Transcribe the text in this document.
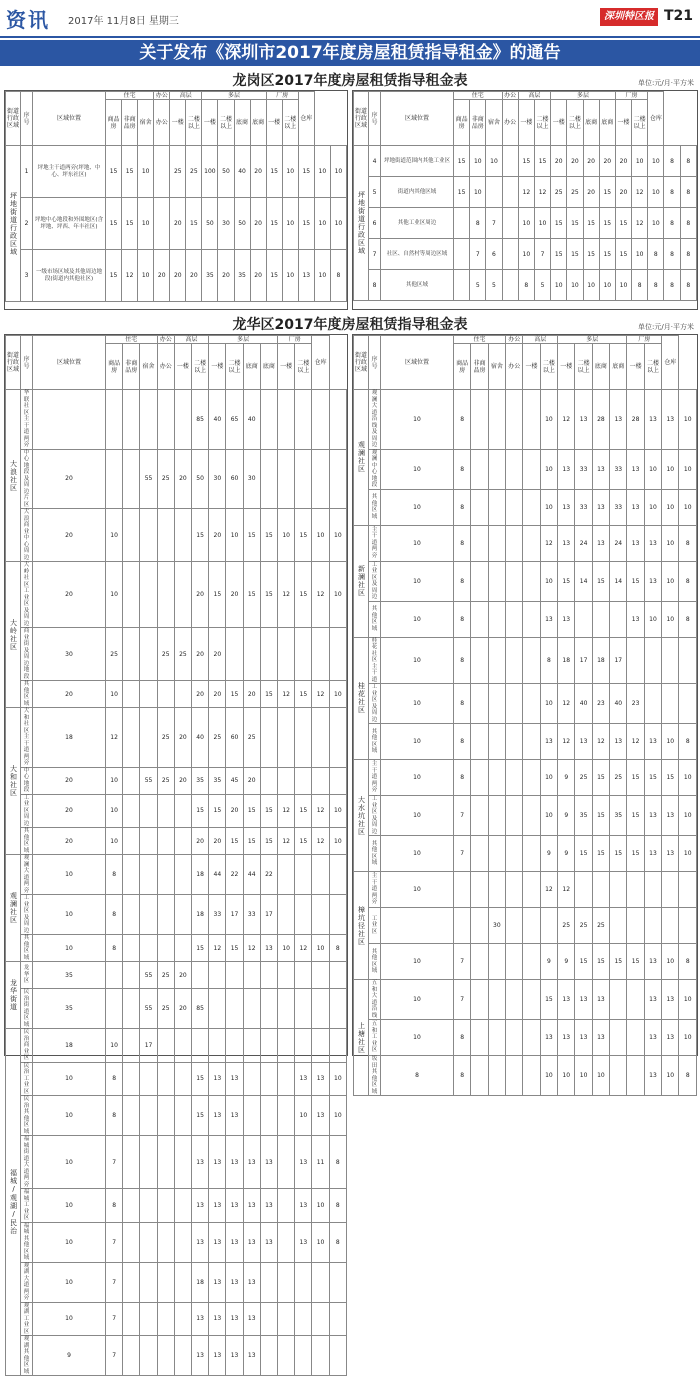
资讯 2017年 11月8日 星期三	深圳特区报 T21
关于发布《深圳市2017年度房屋租赁指导租金》的通告
龙岗区2017年度房屋租赁指导租金表	单位:元/月·平方米
街道行政区域	序号	区域位置	住宅			办公	高层		多层				厂房		仓库		
			商品房	非商品房	宿舍	办公	一楼	二楼以上	一楼	二楼以上	底商	底商	一楼	二楼以上			
坪地街道行政区域	1	坪地主干道两旁(坪地、中心、坪东社区)	15	15	10		25	25	100	50	40	20	15	10	15	10	10
	2	坪地中心地段和外围地区(含坪地、坪西、年丰社区)	15	15	10		20	15	50	30	50	20	15	10	15	10	10
	3	一级市场区域及其他周边地段(街道内其他社区)	15	12	10	20	20	20	35	20	35	20	15	10	13	10	8
街道行政区域	序号	区域位置	住宅			办公	高层		多层				厂房		仓库		
			商品房	非商品房	宿舍	办公	一楼	二楼以上	一楼	二楼以上	底商	底商	一楼	二楼以上			
坪地街道行政区域	4	坪地街道范围内其他工业区	15	10	10		15	15	20	20	20	20	20	10	10	8	8
	5	街道内其他区域	15	10			12	12	25	25	20	15	20	12	10	8	8
	6	其他工业区周边		8	7		10	10	15	15	15	15	15	12	10	8	8
	7	社区、自然村等周边区域		7	6		10	7	15	15	15	15	15	10	8	8	8
	8	其他区域		5	5		8	5	10	10	10	10	10	8	8	8	8
龙华区2017年度房屋租赁指导租金表	单位:元/月·平方米
街道行政区域	序号	区域位置	住宅			办公	高层		多层				厂房		仓库	
			商品房	非商品房	宿舍	办公	一楼	二楼以上	一楼	二楼以上	底商	底商	一楼	二楼以上		
大浪社区	华联社区主干道两旁							85	40	65	40					
	中心地段及周边片区	20			55	25	20	50	30	60	30					
	大浪商业中心周边	20	10					15	20	10	15	15	10	15	10	10
大岭社区	大岭社区工业区及周边	20	10					20	15	20	15	15	12	15	12	10
	商业街及周边地段	30	25			25	25	20	20							
	其他区域	20	10					20	20	15	20	15	12	15	12	10
大和社区	大和社区主干道两旁	18	12			25	20	40	25	60	25					
	中心地段	20	10		55	25	20	35	35	45	20					
	工业区周边	20	10					15	15	20	15	15	12	15	12	10
	其他区域	20	10					20	20	15	15	15	12	15	12	10
观澜社区	观澜大道两旁	10	8					18	44	22	44	22				
	工业区及周边	10	8					18	33	17	33	17				
	其他区域	10	8					15	12	15	12	13	10	12	10	8
龙华街道	龙华区	35			55	25	20									
	民治街道区域	35			55	25	20	85								
福城/观湖/民治	民治商业区	18	10		17											
	民治工业区	10	8					15	13	13				13	13	10
	民治其他区域	10	8					15	13	13				10	13	10
	福城街道大道两旁	10	7					13	13	13	13	13		13	11	8
	福城工业区	10	8					13	13	13	13	13		13	10	8
	福城其他区域	10	7					13	13	13	13	13		13	10	8
	观湖大道两旁	10	7					18	13	13	13					
	观湖工业区	10	7					13	13	13	13					
	观湖其他区域	9	7					13	13	13	13					
街道行政区域	序号	区域位置	住宅			办公	高层		多层				厂房		仓库	
			商品房	非商品房	宿舍	办公	一楼	二楼以上	一楼	二楼以上	底商	底商	一楼	二楼以上		
观澜社区	观澜大道沿线及周边	10	8					10	12	13	28	13	28	13	13	10
	观澜中心地段	10	8					10	13	33	13	33	13	10	10	10
	其他区域	10	8					10	13	33	13	33	13	10	10	10
新澜社区	主干道两旁	10	8					12	13	24	13	24	13	13	10	8
	工业区及周边	10	8					10	15	14	15	14	15	13	10	8
	其他区域	10	8					13	13				13	10	10	8
桂花社区	桂花社区主干道	10	8					8	18	17	18	17				
	工业区及周边	10	8					10	12	40	23	40	23			
	其他区域	10	8					13	12	13	12	13	12	13	10	8
大水坑社区	主干道两旁	10	8					10	9	25	15	25	15	15	15	10
	工业区及周边	10	7					10	9	35	15	35	15	13	13	10
	其他区域	10	7					9	9	15	15	15	15	13	13	10
樟坑径社区	主干道两旁	10						12	12							
	工业区				30				25	25	25					
	其他区域	10	7					9	9	15	15	15	15	13	10	8
上塘社区	五和大道沿线	10	7					15	13	13	13			13	13	10
	五和工业区	10	8					13	13	13	13			13	13	10
	坂田其他区域	8	8					10	10	10	10			13	10	8
